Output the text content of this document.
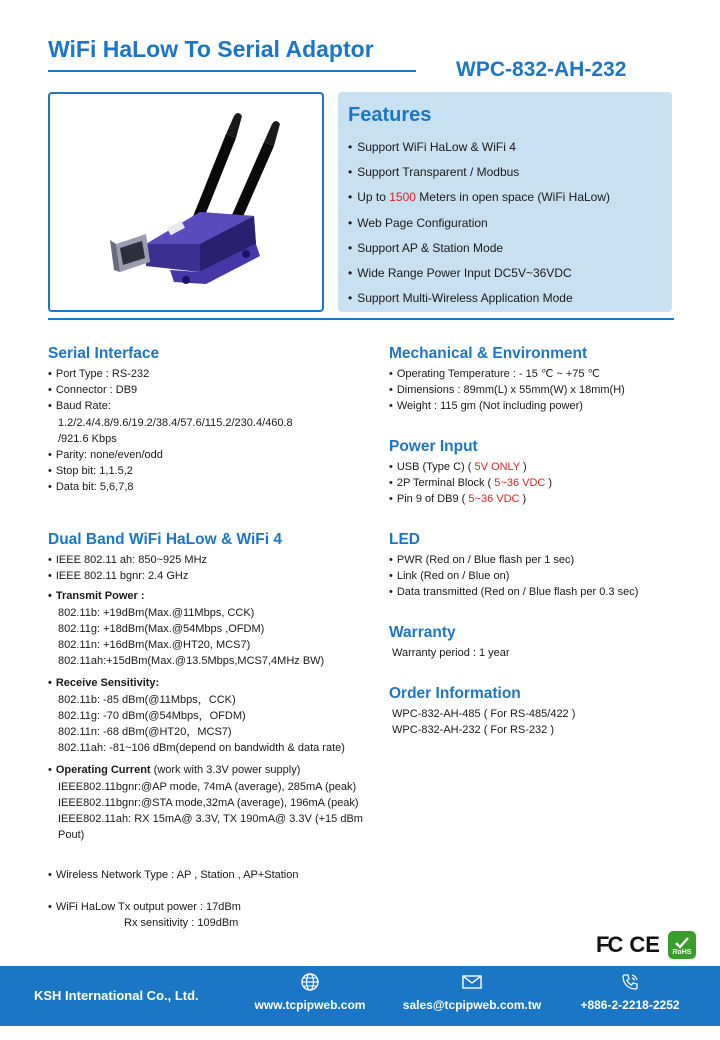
WiFi HaLow To Serial Adaptor
WPC-832-AH-232
Features
• Support WiFi HaLow & WiFi 4
• Support Transparent / Modbus
• Up to 1500 Meters in open space (WiFi HaLow)
• Web Page Configuration
• Support AP & Station Mode
• Wide Range Power Input DC5V~36VDC
• Support Multi-Wireless Application Mode
Serial Interface
• Port Type : RS-232
• Connector : DB9
• Baud Rate:
1.2/2.4/4.8/9.6/19.2/38.4/57.6/115.2/230.4/460.8
/921.6 Kbps
• Parity: none/even/odd
• Stop bit: 1,1.5,2
• Data bit: 5,6,7,8
Dual Band WiFi HaLow & WiFi 4
• IEEE 802.11 ah: 850~925 MHz
• IEEE 802.11 bgnr: 2.4 GHz
• Transmit Power :
802.11b: +19dBm(Max.@11Mbps, CCK)
802.11g: +18dBm(Max.@54Mbps ,OFDM)
802.11n: +16dBm(Max.@HT20, MCS7)
802.11ah:+15dBm(Max.@13.5Mbps,MCS7,4MHz BW)
• Receive Sensitivity:
802.11b: -85 dBm(@11Mbps，CCK)
802.11g: -70 dBm(@54Mbps，OFDM)
802.11n: -68 dBm(@HT20，MCS7)
802.11ah: -81~106 dBm(depend on bandwidth & data rate)
• Operating Current (work with 3.3V power supply)
IEEE802.11bgnr:@AP mode, 74mA (average), 285mA (peak)
IEEE802.11bgnr:@STA mode,32mA (average), 196mA (peak)
IEEE802.11ah: RX 15mA@ 3.3V, TX 190mA@ 3.3V (+15 dBm
Pout)
• Wireless Network Type : AP , Station , AP+Station
• WiFi HaLow Tx output power : 17dBm
Rx sensitivity : 109dBm
Mechanical & Environment
• Operating Temperature : - 15 ℃ ~ +75 ℃
• Dimensions : 89mm(L) x 55mm(W) x 18mm(H)
• Weight : 115 gm (Not including power)
Power Input
• USB (Type C) ( 5V ONLY )
• 2P Terminal Block ( 5~36 VDC )
• Pin 9 of DB9 ( 5~36 VDC )
LED
• PWR (Red on / Blue flash per 1 sec)
• Link (Red on / Blue on)
• Data transmitted (Red on / Blue flash per 0.3 sec)
Warranty
Warranty period : 1 year
Order Information
WPC-832-AH-485 ( For RS-485/422 )
WPC-832-AH-232 ( For RS-232 )
FC CE RoHS
KSH International Co., Ltd.
www.tcpipweb.com	sales@tcpipweb.com.tw	+886-2-2218-2252
